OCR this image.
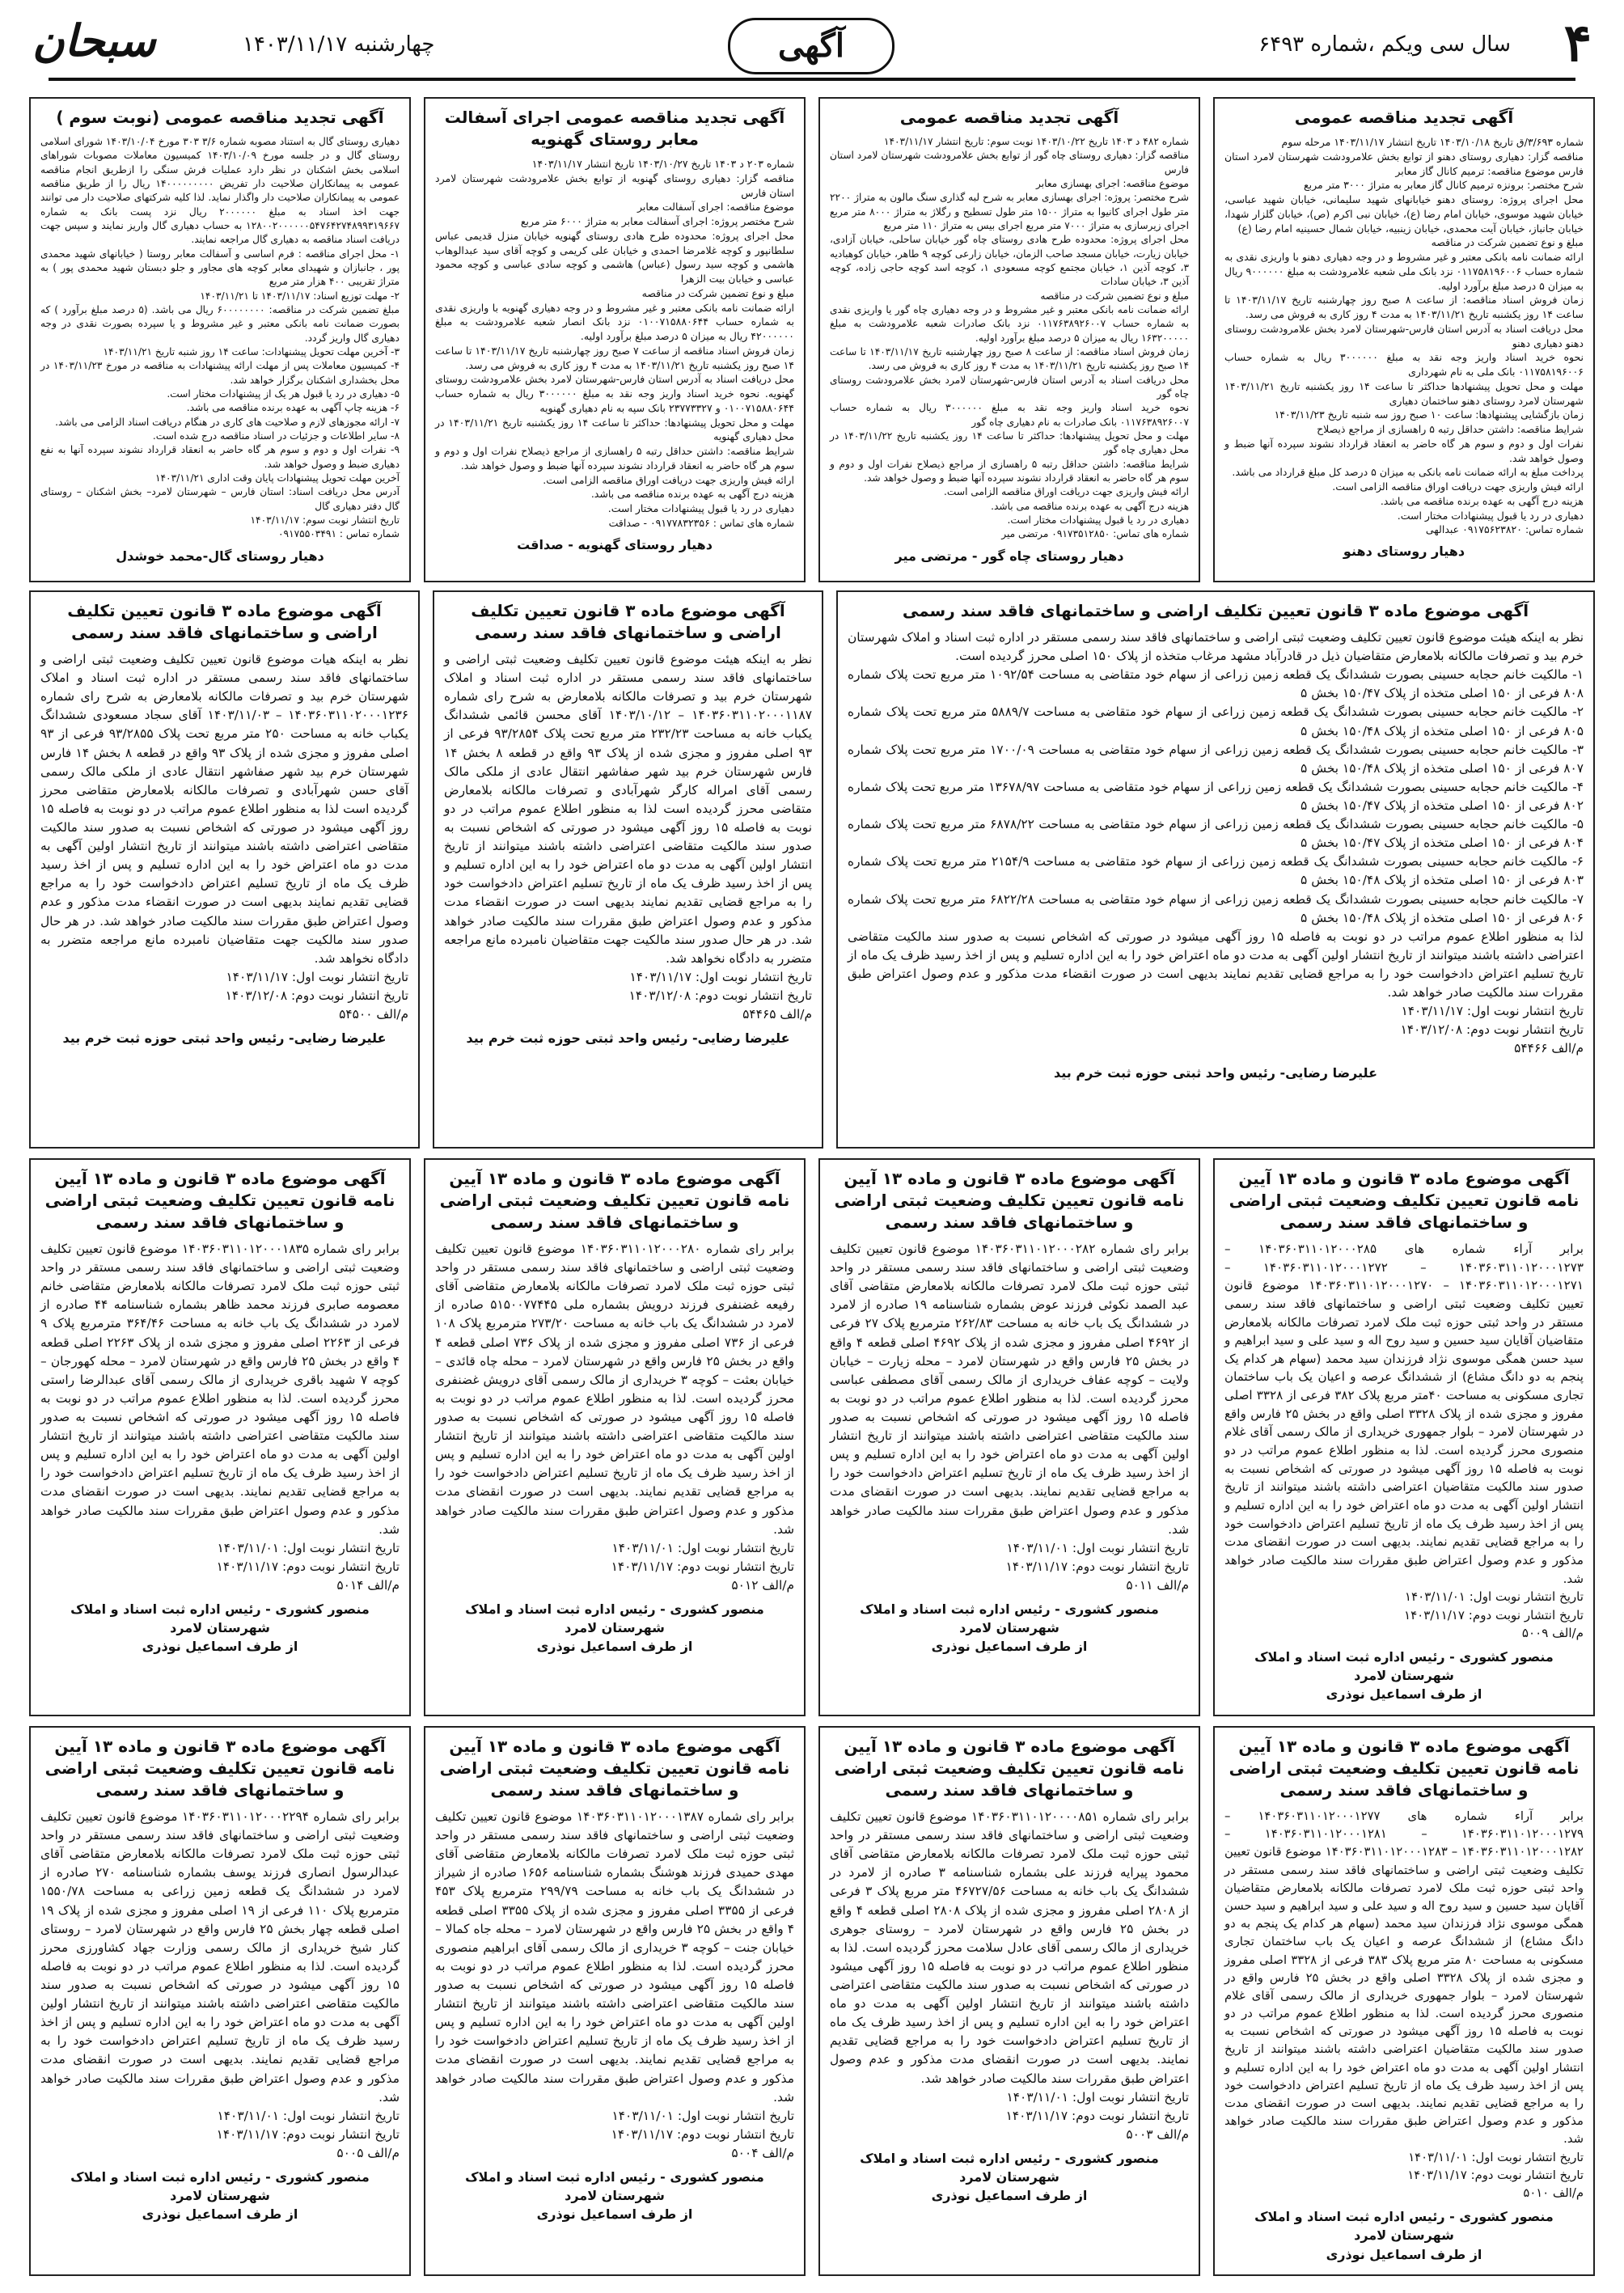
۴
سال سی ویکم ،شماره ۶۴۹۳
آگهی
چهارشنبه ۱۴۰۳/۱۱/۱۷
سبحان
آگهی تجدید مناقصه عمومی
شماره ۳/۶۹۳/ق تاریخ ۱۴۰۳/۱۰/۱۸ تاریخ انتشار ۱۴۰۳/۱۱/۱۷ مرحله سوم
مناقصه گزار: دهیاری روستای دهنو از توابع بخش علامرودشت شهرستان لامرد استان فارس موضوع مناقصه: ترمیم کانال گاز معابر
شرح مختصر: برونزه ترمیم کانال گاز معابر به متراژ ۳۰۰۰ متر مربع
محل اجرای پروژه: روستای دهنو خیابانهای شهید سلیمانی، خیابان شهید عباسی، خیابان شهید موسوی، خیابان امام رضا (ع)، خیابان نبی اکرم (ص)، خیابان گلزار شهدا، خیابان جانباز، خیابان آیت محمدی، خیابان زینبیه، خیابان شمال حسینیه امام رضا (ع)
مبلغ و نوع تضمین شرکت در مناقصه
ارائه ضمانت نامه بانکی معتبر و غیر مشروط و در وجه دهیاری دهنو با واریزی نقدی به شماره حساب ۰۱۱۷۵۸۱۹۶۰۰۶ نزد بانک ملی شعبه علامرودشت به مبلغ ۹۰۰۰۰۰۰ ریال به میزان ۵ درصد مبلغ برآورد اولیه.
زمان فروش اسناد مناقصه: از ساعت ۸ صبح روز چهارشنبه تاریخ ۱۴۰۳/۱۱/۱۷ تا ساعت ۱۴ روز یکشنبه تاریخ ۱۴۰۳/۱۱/۲۱ به مدت ۴ روز کاری به فروش می رسد.
محل دریافت اسناد به آدرس استان فارس-شهرستان لامرد بخش علامرودشت روستای دهنو دهیاری دهنو
نحوه خرید اسناد واریز وجه نقد به مبلغ ۳۰۰۰۰۰۰ ریال به شماره حساب ۰۱۱۷۵۸۱۹۶۰۰۶ بانک ملی به نام شهرداری
مهلت و محل تحویل پیشنهادها حداکثر تا ساعت ۱۴ روز یکشنبه تاریخ ۱۴۰۳/۱۱/۲۱ شهرستان لامرد روستای دهنو ساختمان دهیاری
زمان بازگشایی پیشنهادها: ساعت ۱۰ صبح روز سه شنبه تاریخ ۱۴۰۳/۱۱/۲۳
شرایط مناقصه: داشتن حداقل رتبه ۵ راهسازی از مراجع ذیصلاح
نفرات اول و دوم و سوم هر گاه حاضر به انعقاد قرارداد نشوند سپرده آنها ضبط و وصول خواهد شد.
پرداخت مبلغ به ارائه ضمانت نامه بانکی به میزان ۵ درصد کل مبلغ قرارداد می باشد.
ارائه فیش واریزی جهت دریافت اوراق مناقصه الزامی است.
هزینه درج آگهی به عهده برنده مناقصه می باشد.
دهیاری در رد یا قبول پیشنهادات مختار است.
شماره تماس: ۰۹۱۷۵۶۲۳۸۲۰ عبدالهی
دهیار روستای دهنو
آگهی تجدید مناقصه عمومی
شماره ۴۸۲ د ۱۴۰۳ تاریخ ۱۴۰۳/۱۰/۲۲ نوبت سوم: تاریخ انتشار ۱۴۰۳/۱۱/۱۷
مناقصه گزار: دهیاری روستای چاه گور از توابع بخش علامرودشت شهرستان لامرد استان فارس
موضوع مناقصه: اجرای بهسازی معابر
شرح مختصر: پروژه: اجرای بهسازی معابر به شرح لبه گذاری سنگ مالون به متراژ ۲۲۰۰ متر طول اجرای کانیوا به متراژ ۱۵۰۰ متر طول تسطیح و رگلاژ به متراژ ۸۰۰۰ متر مربع اجرای زیرسازی به متراژ ۷۰۰۰ متر مربع اجرای بیس به متراژ ۱۱۰ متر مربع
محل اجرای پروژه: محدوده طرح هادی روستای چاه گور خیابان ساحلی، خیابان آزادی، خیابان زیارت، خیابان مسجد صاحب الزمان، خیابان زارعی کوچه ۹ طاهر، خیابان کوهبادیه ۳، کوچه آذین ۱، خیابان مجتمع کوچه مسعودی ۱، کوچه اسد کوچه حاجی زاده، کوچه آذین ۳، خیابان سادات
مبلغ و نوع تضمین شرکت در مناقصه
ارائه ضمانت نامه بانکی معتبر و غیر مشروط و در وجه دهیاری چاه گور یا واریزی نقدی به شماره حساب ۰۱۱۷۶۳۸۹۲۶۰۰۷ نزد بانک صادرات شعبه علامرودشت به مبلغ ۱۶۳۲۰۰۰۰۰ ریال به میزان ۵ درصد مبلغ برآورد اولیه.
زمان فروش اسناد مناقصه: از ساعت ۸ صبح روز چهارشنبه تاریخ ۱۴۰۳/۱۱/۱۷ تا ساعت ۱۴ صبح روز یکشنبه تاریخ ۱۴۰۳/۱۱/۲۱ به مدت ۴ روز کاری به فروش می رسد.
محل دریافت اسناد به آدرس استان فارس-شهرستان لامرد بخش علامرودشت روستای چاه گور
نحوه خرید اسناد واریز وجه نقد به مبلغ ۳۰۰۰۰۰۰ ریال به شماره حساب ۰۱۱۷۶۳۸۹۲۶۰۰۷ بانک صادرات به نام دهیاری چاه گور
مهلت و محل تحویل پیشنهادها: حداکثر تا ساعت ۱۴ روز یکشنبه تاریخ ۱۴۰۳/۱۱/۲۲ در محل دهیاری چاه گور
شرایط مناقصه: داشتن حداقل رتبه ۵ راهسازی از مراجع ذیصلاح نفرات اول و دوم و سوم هر گاه حاضر به انعقاد قرارداد نشوند سپرده آنها ضبط و وصول خواهد شد.
ارائه فیش واریزی جهت دریافت اوراق مناقصه الزامی است.
هزینه درج آگهی به عهده برنده مناقصه می باشد.
دهیاری در رد یا قبول پیشنهادات مختار است.
شماره های تماس: ۰۹۱۷۳۵۱۲۸۵۰ مرتضی میر
دهیار روستای چاه گور - مرتضی میر
آگهی تجدید مناقصه عمومی اجرای آسفالت معابر روستای گهنویه
شماره ۲۰۳ د ۱۴۰۳ تاریخ ۱۴۰۳/۱۰/۲۷ تاریخ انتشار ۱۴۰۳/۱۱/۱۷
مناقصه گزار: دهیاری روستای گهنویه از توابع بخش علامرودشت شهرستان لامرد استان فارس
موضوع مناقصه: اجرای آسفالت معابر
شرح مختصر پروژه: اجرای آسفالت معابر به متراژ ۶۰۰۰ متر مربع
محل اجرای پروژه: محدوده طرح هادی روستای گهنویه خیابان منزل قدیمی عباس سلطانپور و کوچه غلامرضا احمدی و خیابان علی کریمی و کوچه آقای سید عبدالوهاب هاشمی و کوچه سید رسول (عباس) هاشمی و کوچه سادی عباسی و کوچه محمود عباسی و خیابان بیت الزهرا
مبلغ و نوع تضمین شرکت در مناقصه
ارائه ضمانت نامه بانکی معتبر و غیر مشروط و در وجه دهیاری گهنویه با واریزی نقدی به شماره حساب ۰۱۰۰۷۱۵۸۸۰۶۴۴ نزد بانک انصار شعبه علامرودشت به مبلغ ۴۲۰۰۰۰۰۰ ریال به میزان ۵ درصد مبلغ برآورد اولیه.
زمان فروش اسناد مناقصه از ساعت ۷ صبح روز چهارشنبه تاریخ ۱۴۰۳/۱۱/۱۷ تا ساعت ۱۴ صبح روز یکشنبه تاریخ ۱۴۰۳/۱۱/۲۱ به مدت ۴ روز کاری به فروش می رسد.
محل دریافت اسناد به آدرس استان فارس-شهرستان لامرد بخش علامرودشت روستای گهنویه. نحوه خرید اسناد واریز وجه نقد به مبلغ ۳۰۰۰۰۰۰ ریال به شماره حساب ۰۱۰۰۷۱۵۸۸۰۶۴۴ و ۲۳۷۷۳۳۲۷ بانک سپه به نام دهیاری گهنویه
مهلت و محل تحویل پیشنهادها: حداکثر تا ساعت ۱۴ روز یکشنبه تاریخ ۱۴۰۳/۱۱/۲۱ در محل دهیاری گهنویه
شرایط مناقصه: داشتن حداقل رتبه ۵ راهسازی از مراجع ذیصلاح نفرات اول و دوم و سوم هر گاه حاضر به انعقاد قرارداد نشوند سپرده آنها ضبط و وصول خواهد شد.
ارائه فیش واریزی جهت دریافت اوراق مناقصه الزامی است.
هزینه درج آگهی به عهده برنده مناقصه می باشد.
دهیاری در رد یا قبول پیشنهادات مختار است.
شماره های تماس : ۰۹۱۷۷۸۳۲۳۵۶ - صداقت
دهیار روستای گهنویه - صداقت
آگهی تجدید مناقصه عمومی (نوبت سوم )
دهیاری روستای گال به استناد مصوبه شماره ۳/۶ ۳۰۳ مورخ ۱۴۰۳/۱۰/۰۴ شورای اسلامی روستای گال و در جلسه مورخ ۱۴۰۳/۱۰/۰۹ کمیسیون معاملات مصوبات شوراهای اسلامی بخش اشکنان در نظر دارد عملیات فرش سنگی را ازطریق انجام مناقصه عمومی به پیمانکاران صلاحیت دار تفریض ۱۴۰۰۰۰۰۰۰۰۰ ریال را از طریق مناقصه عمومی به پیمانکاران صلاحیت دار واگذار نماید. لذا کلیه شرکتهای صلاحیت دار می توانند جهت اخذ اسناد به مبلغ ۲۰۰۰۰۰۰ ریال نزد پست بانک به شماره ۱۲۸۰۰۲۰۰۰۰۰۰۵۴۷۶۴۲۷۴۸۹۹۳۱۹۶۶۷ به حساب دهیاری گال واریز نمایند و سپس جهت دریافت اسناد مناقصه به دهیاری گال مراجعه نمایند.
۱- محل اجرای مناقصه : فرم اساسی و آسفالت معابر روستا ( خیابانهای شهید محمدی پور ، جانبازان و شهیدای معابر کوچه های مجاور و جلو دبستان شهید محمدی پور ) به متراژ تقریبی ۴۰۰ هزار متر مربع
۲- مهلت توزیع اسناد: ۱۴۰۳/۱۱/۱۷ تا ۱۴۰۳/۱۱/۲۱
مبلغ تضمین شرکت در مناقصه: ۶۰۰۰۰۰۰۰۰ ریال می باشد. (۵ درصد مبلغ برآورد ) که بصورت ضمانت نامه بانکی معتبر و غیر مشروط و یا سپرده بصورت نقدی در وجه دهیاری گال واریز گردد.
۳- آخرین مهلت تحویل پیشنهادات: ساعت ۱۴ روز شنبه تاریخ ۱۴۰۳/۱۱/۲۱
۴- کمیسیون معاملات پس از مهلت ارائه پیشنهادات به مناقصه در مورخ ۱۴۰۳/۱۱/۲۳ در محل بخشداری اشکنان برگزار خواهد شد.
۵- دهیاری در رد یا قبول هر یک از پیشنهادات مختار است.
۶- هزینه چاپ آگهی به عهده برنده مناقصه می باشد.
۷- ارائه مجوزهای لازم و صلاحیت های کاری در هنگام دریافت اسناد الزامی می باشد.
۸- سایر اطلاعات و جزئیات در اسناد مناقصه درج شده است.
۹- نفرات اول و دوم و سوم هر گاه حاضر به انعقاد قرارداد نشوند سپرده آنها به نفع دهیاری ضبط و وصول خواهد شد.
آخرین مهلت تحویل پیشنهادات پایان وقت اداری ۱۴۰۳/۱۱/۲۱
آدرس محل دریافت اسناد: استان فارس – شهرستان لامرد– بخش اشکنان – روستای گال دفتر دهیاری گال
تاریخ انتشار نوبت سوم: ۱۴۰۳/۱۱/۱۷
شماره تماس : ۰۹۱۷۵۵۰۳۴۹۱
دهیار روستای گال-محمد خوشدل
آگهی موضوع ماده ۳ قانون تعیین تکلیف اراضی و ساختمانهای فاقد سند رسمی
نظر به اینکه هیئت موضوع قانون تعیین تکلیف وضعیت ثبتی اراضی و ساختمانهای فاقد سند رسمی مستقر در اداره ثبت اسناد و املاک شهرستان خرم بید و تصرفات مالکانه بلامعارض متقاضیان ذیل در قادرآباد مشهد مرغاب متخذه از پلاک ۱۵۰ اصلی محرز گردیده است.
۱- مالکیت خانم حجابه حسینی بصورت ششدانگ یک قطعه زمین زراعی از سهام خود متقاضی به مساحت ۱۰۹۲/۵۴ متر مربع تحت پلاک شماره ۸۰۸ فرعی از ۱۵۰ اصلی متخذه از پلاک ۱۵۰/۴۷ بخش ۵
۲- مالکیت خانم حجابه حسینی بصورت ششدانگ یک قطعه زمین زراعی از سهام خود متقاضی به مساحت ۵۸۸۹/۷ متر مربع تحت پلاک شماره ۸۰۵ فرعی از ۱۵۰ اصلی متخذه از پلاک ۱۵۰/۴۸ بخش ۵
۳- مالکیت خانم حجابه حسینی بصورت ششدانگ یک قطعه زمین زراعی از سهام خود متقاضی به مساحت ۱۷۰۰/۰۹ متر مربع تحت پلاک شماره ۸۰۷ فرعی از ۱۵۰ اصلی متخذه از پلاک ۱۵۰/۴۸ بخش ۵
۴- مالکیت خانم حجابه حسینی بصورت ششدانگ یک قطعه زمین زراعی از سهام خود متقاضی به مساحت ۱۳۶۷۸/۹۷ متر مربع تحت پلاک شماره ۸۰۲ فرعی از ۱۵۰ اصلی متخذه از پلاک ۱۵۰/۴۷ بخش ۵
۵- مالکیت خانم حجابه حسینی بصورت ششدانگ یک قطعه زمین زراعی از سهام خود متقاضی به مساحت ۶۸۷۸/۲۲ متر مربع تحت پلاک شماره ۸۰۴ فرعی از ۱۵۰ اصلی متخذه از پلاک ۱۵۰/۴۷ بخش ۵
۶- مالکیت خانم حجابه حسینی بصورت ششدانگ یک قطعه زمین زراعی از سهام خود متقاضی به مساحت ۲۱۵۴/۹ متر مربع تحت پلاک شماره ۸۰۳ فرعی از ۱۵۰ اصلی متخذه از پلاک ۱۵۰/۴۸ بخش ۵
۷- مالکیت خانم حجابه حسینی بصورت ششدانگ یک قطعه زمین زراعی از سهام خود متقاضی به مساحت ۶۸۲۲/۲۸ متر مربع تحت پلاک شماره ۸۰۶ فرعی از ۱۵۰ اصلی متخذه از پلاک ۱۵۰/۴۸ بخش ۵
لذا به منظور اطلاع عموم مراتب در دو نوبت به فاصله ۱۵ روز آگهی میشود در صورتی که اشخاص نسبت به صدور سند مالکیت متقاضی اعتراضی داشته باشند میتوانند از تاریخ انتشار اولین آگهی به مدت دو ماه اعتراض خود را به این اداره تسلیم و پس از اخذ رسید ظرف یک ماه از تاریخ تسلیم اعتراض دادخواست خود را به مراجع قضایی تقدیم نمایند بدیهی است در صورت انقضاء مدت مذکور و عدم وصول اعتراض طبق مقررات سند مالکیت صادر خواهد شد.
تاریخ انتشار نوبت اول: ۱۴۰۳/۱۱/۱۷
تاریخ انتشار نوبت دوم: ۱۴۰۳/۱۲/۰۸
م/الف ۵۴۴۶۶
علیرضا رضایی- رئیس واحد ثبتی حوزه ثبت خرم بید
آگهی موضوع ماده ۳ قانون تعیین تکلیف اراضی و ساختمانهای فاقد سند رسمی
نظر به اینکه هیئت موضوع قانون تعیین تکلیف وضعیت ثبتی اراضی و ساختمانهای فاقد سند رسمی مستقر در اداره ثبت اسناد و املاک شهرستان خرم بید و تصرفات مالکانه بلامعارض به شرح رای شماره ۱۴۰۳۶۰۳۱۱۰۲۰۰۰۱۱۸۷ – ۱۴۰۳/۱۰/۱۲ آقای محسن قائمی ششدانگ یکباب خانه به مساحت ۲۳۲/۲۳ متر مربع تحت پلاک ۹۳/۲۸۵۴ فرعی از ۹۳ اصلی مفروز و مجزی شده از پلاک ۹۳ واقع در قطعه ۸ بخش ۱۴ فارس شهرستان خرم بید شهر صفاشهر انتقال عادی از ملکی مالک رسمی آقای امراله کارگر شهرآبادی و تصرفات مالکانه بلامعارض متقاضی محرز گردیده است لذا به منظور اطلاع عموم مراتب در دو نوبت به فاصله ۱۵ روز آگهی میشود در صورتی که اشخاص نسبت به صدور سند مالکیت متقاضی اعتراضی داشته باشند میتوانند از تاریخ انتشار اولین آگهی به مدت دو ماه اعتراض خود را به این اداره تسلیم و پس از اخذ رسید ظرف یک ماه از تاریخ تسلیم اعتراض دادخواست خود را به مراجع قضایی تقدیم نمایند بدیهی است در صورت انقضاء مدت مذکور و عدم وصول اعتراض طبق مقررات سند مالکیت صادر خواهد شد. در هر حال صدور سند مالکیت جهت متقاضیان نامبرده مانع مراجعه متضرر به دادگاه نخواهد شد.
تاریخ انتشار نوبت اول: ۱۴۰۳/۱۱/۱۷
تاریخ انتشار نوبت دوم: ۱۴۰۳/۱۲/۰۸
م/الف ۵۴۴۶۵
علیرضا رضایی- رئیس واحد ثبتی حوزه ثبت خرم بید
آگهی موضوع ماده ۳ قانون تعیین تکلیف اراضی و ساختمانهای فاقد سند رسمی
نظر به اینکه هیات موضوع قانون تعیین تکلیف وضعیت ثبتی اراضی و ساختمانهای فاقد سند رسمی مستقر در اداره ثبت اسناد و املاک شهرستان خرم بید و تصرفات مالکانه بلامعارض به شرح رای شماره ۱۴۰۳۶۰۳۱۱۰۲۰۰۰۱۲۳۶ – ۱۴۰۳/۱۱/۰۳ آقای سجاد مسعودی ششدانگ یکباب خانه به مساحت ۲۵۰ متر مربع تحت پلاک ۹۳/۲۸۵۵ فرعی از ۹۳ اصلی مفروز و مجزی شده از پلاک ۹۳ واقع در قطعه ۸ بخش ۱۴ فارس شهرستان خرم بید شهر صفاشهر انتقال عادی از ملکی مالک رسمی آقای حسن شهرآبادی و تصرفات مالکانه بلامعارض متقاضی محرز گردیده است لذا به منظور اطلاع عموم مراتب در دو نوبت به فاصله ۱۵ روز آگهی میشود در صورتی که اشخاص نسبت به صدور سند مالکیت متقاضی اعتراضی داشته باشند میتوانند از تاریخ انتشار اولین آگهی به مدت دو ماه اعتراض خود را به این اداره تسلیم و پس از اخذ رسید ظرف یک ماه از تاریخ تسلیم اعتراض دادخواست خود را به مراجع قضایی تقدیم نمایند بدیهی است در صورت انقضاء مدت مذکور و عدم وصول اعتراض طبق مقررات سند مالکیت صادر خواهد شد. در هر حال صدور سند مالکیت جهت متقاضیان نامبرده مانع مراجعه متضرر به دادگاه نخواهد شد.
تاریخ انتشار نوبت اول: ۱۴۰۳/۱۱/۱۷
تاریخ انتشار نوبت دوم: ۱۴۰۳/۱۲/۰۸
م/الف ۵۴۵۰۰
علیرضا رضایی- رئیس واحد ثبتی حوزه ثبت خرم بید
آگهی موضوع ماده ۳ قانون و ماده ۱۳ آیین نامه قانون تعیین تکلیف وضعیت ثبتی اراضی و ساختمانهای فاقد سند رسمی
برابر آراء شماره های ۱۴۰۳۶۰۳۱۱۰۱۲۰۰۰۲۸۵ – ۱۴۰۳۶۰۳۱۱۰۱۲۰۰۰۱۲۷۳ – ۱۴۰۳۶۰۳۱۱۰۱۲۰۰۰۱۲۷۲ – ۱۴۰۳۶۰۳۱۱۰۱۲۰۰۰۱۲۷۱ – ۱۴۰۳۶۰۳۱۱۰۱۲۰۰۰۱۲۷۰ موضوع قانون تعیین تکلیف وضعیت ثبتی اراضی و ساختمانهای فاقد سند رسمی مستقر در واحد ثبتی حوزه ثبت ملک لامرد تصرفات مالکانه بلامعارض متقاضیان آقایان سید حسین و سید روح اله و سید علی و سید ابراهیم و سید حسن همگی موسوی نژاد فرزندان سید محمد (سهام هر کدام یک پنجم به دو دانگ مشاع) از ششدانگ عرصه و اعیان یک باب ساختمان تجاری مسکونی به مساحت ۴۰متر مربع پلاک ۳۸۲ فرعی از ۳۳۲۸ اصلی مفروز و مجزی شده از پلاک ۳۳۲۸ اصلی واقع در بخش ۲۵ فارس واقع در شهرستان لامرد – بلوار جمهوری خریداری از مالک رسمی آقای غلام منصوری محرز گردیده است. لذا به منظور اطلاع عموم مراتب در دو نوبت به فاصله ۱۵ روز آگهی میشود در صورتی که اشخاص نسبت به صدور سند مالکیت متقاضیان اعتراضی داشته باشند میتوانند از تاریخ انتشار اولین آگهی به مدت دو ماه اعتراض خود را به این اداره تسلیم و پس از اخذ رسید ظرف یک ماه از تاریخ تسلیم اعتراض دادخواست خود را به مراجع قضایی تقدیم نمایند. بدیهی است در صورت انقضای مدت مذکور و عدم وصول اعتراض طبق مقررات سند مالکیت صادر خواهد شد.
تاریخ انتشار نوبت اول: ۱۴۰۳/۱۱/۰۱
تاریخ انتشار نوبت دوم: ۱۴۰۳/۱۱/۱۷
م/الف ۵۰۰۹
منصور کشوری - رئیس اداره ثبت اسناد و املاک شهرستان لامرد
از طرف اسماعیل نوذری
آگهی موضوع ماده ۳ قانون و ماده ۱۳ آیین نامه قانون تعیین تکلیف وضعیت ثبتی اراضی و ساختمانهای فاقد سند رسمی
برابر رای شماره ۱۴۰۳۶۰۳۱۱۰۱۲۰۰۰۲۸۲ موضوع قانون تعیین تکلیف وضعیت ثبتی اراضی و ساختمانهای فاقد سند رسمی مستقر در واحد ثبتی حوزه ثبت ملک لامرد تصرفات مالکانه بلامعارض متقاضی آقای عبد الصمد نکوئی فرزند عوض بشماره شناسنامه ۱۹ صادره از لامرد در ششدانگ یک باب خانه به مساحت ۲۶۲/۸۳ مترمربع پلاک ۲۷ فرعی از ۴۶۹۲ اصلی مفروز و مجزی شده از پلاک ۴۶۹۲ اصلی قطعه ۴ واقع در بخش ۲۵ فارس واقع در شهرستان لامرد – محله زیارت – خیابان ولایت – کوچه عفاف خریداری از مالک رسمی آقای مصطفی عباسی محرز گردیده است. لذا به منظور اطلاع عموم مراتب در دو نوبت به فاصله ۱۵ روز آگهی میشود در صورتی که اشخاص نسبت به صدور سند مالکیت متقاضی اعتراضی داشته باشند میتوانند از تاریخ انتشار اولین آگهی به مدت دو ماه اعتراض خود را به این اداره تسلیم و پس از اخذ رسید ظرف یک ماه از تاریخ تسلیم اعتراض دادخواست خود را به مراجع قضایی تقدیم نمایند. بدیهی است در صورت انقضای مدت مذکور و عدم وصول اعتراض طبق مقررات سند مالکیت صادر خواهد شد.
تاریخ انتشار نوبت اول: ۱۴۰۳/۱۱/۰۱
تاریخ انتشار نوبت دوم: ۱۴۰۳/۱۱/۱۷
م/الف ۵۰۱۱
منصور کشوری - رئیس اداره ثبت اسناد و املاک شهرستان لامرد
از طرف اسماعیل نوذری
آگهی موضوع ماده ۳ قانون و ماده ۱۳ آیین نامه قانون تعیین تکلیف وضعیت ثبتی اراضی و ساختمانهای فاقد سند رسمی
برابر رای شماره ۱۴۰۳۶۰۳۱۱۰۱۲۰۰۰۲۸۰ موضوع قانون تعیین تکلیف وضعیت ثبتی اراضی و ساختمانهای فاقد سند رسمی مستقر در واحد ثبتی حوزه ثبت ملک لامرد تصرفات مالکانه بلامعارض متقاضی آقای رفیعه غضنفری فرزند درویش بشماره ملی ۵۱۵۰۰۷۷۴۴۵ صادره از لامرد در ششدانگ یک باب خانه به مساحت ۲۷۳/۲۰ مترمربع پلاک ۱۰۸ فرعی از ۷۳۶ اصلی مفروز و مجزی شده از پلاک ۷۳۶ اصلی قطعه ۴ واقع در بخش ۲۵ فارس واقع در شهرستان لامرد – محله چاه قائدی – خیابان بعثت – کوچه ۳ خریداری از مالک رسمی آقای درویش غضنفری محرز گردیده است. لذا به منظور اطلاع عموم مراتب در دو نوبت به فاصله ۱۵ روز آگهی میشود در صورتی که اشخاص نسبت به صدور سند مالکیت متقاضی اعتراضی داشته باشند میتوانند از تاریخ انتشار اولین آگهی به مدت دو ماه اعتراض خود را به این اداره تسلیم و پس از اخذ رسید ظرف یک ماه از تاریخ تسلیم اعتراض دادخواست خود را به مراجع قضایی تقدیم نمایند. بدیهی است در صورت انقضای مدت مذکور و عدم وصول اعتراض طبق مقررات سند مالکیت صادر خواهد شد.
تاریخ انتشار نوبت اول: ۱۴۰۳/۱۱/۰۱
تاریخ انتشار نوبت دوم: ۱۴۰۳/۱۱/۱۷
م/الف ۵۰۱۲
منصور کشوری - رئیس اداره ثبت اسناد و املاک شهرستان لامرد
از طرف اسماعیل نوذری
آگهی موضوع ماده ۳ قانون و ماده ۱۳ آیین نامه قانون تعیین تکلیف وضعیت ثبتی اراضی و ساختمانهای فاقد سند رسمی
برابر رای شماره ۱۴۰۳۶۰۳۱۱۰۱۲۰۰۰۱۸۳۵ موضوع قانون تعیین تکلیف وضعیت ثبتی اراضی و ساختمانهای فاقد سند رسمی مستقر در واحد ثبتی حوزه ثبت ملک لامرد تصرفات مالکانه بلامعارض متقاضی خانم معصومه صابری فرزند محمد ظاهر بشماره شناسنامه ۴۴ صادره از لامرد در ششدانگ یک باب خانه به مساحت ۳۶۴/۴۶ مترمربع پلاک ۹ فرعی از ۲۲۶۳ اصلی مفروز و مجزی شده از پلاک ۲۲۶۳ اصلی قطعه ۴ واقع در بخش ۲۵ فارس واقع در شهرستان لامرد – محله کهورجان – کوچه ۷ شهید باقری خریداری از مالک رسمی آقای عبدالرضا راستی محرز گردیده است. لذا به منظور اطلاع عموم مراتب در دو نوبت به فاصله ۱۵ روز آگهی میشود در صورتی که اشخاص نسبت به صدور سند مالکیت متقاضی اعتراضی داشته باشند میتوانند از تاریخ انتشار اولین آگهی به مدت دو ماه اعتراض خود را به این اداره تسلیم و پس از اخذ رسید ظرف یک ماه از تاریخ تسلیم اعتراض دادخواست خود را به مراجع قضایی تقدیم نمایند. بدیهی است در صورت انقضای مدت مذکور و عدم وصول اعتراض طبق مقررات سند مالکیت صادر خواهد شد.
تاریخ انتشار نوبت اول: ۱۴۰۳/۱۱/۰۱
تاریخ انتشار نوبت دوم: ۱۴۰۳/۱۱/۱۷
م/الف ۵۰۱۴
منصور کشوری - رئیس اداره ثبت اسناد و املاک شهرستان لامرد
از طرف اسماعیل نوذری
آگهی موضوع ماده ۳ قانون و ماده ۱۳ آیین نامه قانون تعیین تکلیف وضعیت ثبتی اراضی و ساختمانهای فاقد سند رسمی
برابر آراء شماره های ۱۴۰۳۶۰۳۱۱۰۱۲۰۰۰۱۲۷۷ – ۱۴۰۳۶۰۳۱۱۰۱۲۰۰۰۱۲۷۹ – ۱۴۰۳۶۰۳۱۱۰۱۲۰۰۰۱۲۸۱ – ۱۴۰۳۶۰۳۱۱۰۱۲۰۰۰۱۲۸۲ – ۱۴۰۳۶۰۳۱۱۰۱۲۰۰۰۱۲۸۳ موضوع قانون تعیین تکلیف وضعیت ثبتی اراضی و ساختمانهای فاقد سند رسمی مستقر در واحد ثبتی حوزه ثبت ملک لامرد تصرفات مالکانه بلامعارض متقاضیان آقایان سید حسین و سید روح اله و سید علی و سید ابراهیم و سید حسن همگی موسوی نژاد فرزندان سید محمد (سهام هر کدام یک پنجم به دو دانگ مشاع) از ششدانگ عرصه و اعیان یک باب ساختمان تجاری مسکونی به مساحت ۸۰ متر مربع پلاک ۳۸۳ فرعی از ۳۳۲۸ اصلی مفروز و مجزی شده از پلاک ۳۳۲۸ اصلی واقع در بخش ۲۵ فارس واقع در شهرستان لامرد – بلوار جمهوری خریداری از مالک رسمی آقای غلام منصوری محرز گردیده است. لذا به منظور اطلاع عموم مراتب در دو نوبت به فاصله ۱۵ روز آگهی میشود در صورتی که اشخاص نسبت به صدور سند مالکیت متقاضیان اعتراضی داشته باشند میتوانند از تاریخ انتشار اولین آگهی به مدت دو ماه اعتراض خود را به این اداره تسلیم و پس از اخذ رسید ظرف یک ماه از تاریخ تسلیم اعتراض دادخواست خود را به مراجع قضایی تقدیم نمایند. بدیهی است در صورت انقضای مدت مذکور و عدم وصول اعتراض طبق مقررات سند مالکیت صادر خواهد شد.
تاریخ انتشار نوبت اول: ۱۴۰۳/۱۱/۰۱
تاریخ انتشار نوبت دوم: ۱۴۰۳/۱۱/۱۷
م/الف ۵۰۱۰
منصور کشوری - رئیس اداره ثبت اسناد و املاک شهرستان لامرد
از طرف اسماعیل نوذری
آگهی موضوع ماده ۳ قانون و ماده ۱۳ آیین نامه قانون تعیین تکلیف وضعیت ثبتی اراضی و ساختمانهای فاقد سند رسمی
برابر رای شماره ۱۴۰۳۶۰۳۱۱۰۱۲۰۰۰۰۸۵۱ موضوع قانون تعیین تکلیف وضعیت ثبتی اراضی و ساختمانهای فاقد سند رسمی مستقر در واحد ثبتی حوزه ثبت ملک لامرد تصرفات مالکانه بلامعارض متقاضی آقای محمود پیرایه فرزند علی بشماره شناسنامه ۳ صادره از لامرد در ششدانگ یک باب خانه به مساحت ۴۶۷۲۷/۵۶ متر مربع پلاک ۳ فرعی از ۲۸۰۸ اصلی مفروز و مجزی شده از پلاک ۲۸۰۸ اصلی قطعه ۴ واقع در بخش ۲۵ فارس واقع در شهرستان لامرد – روستای جوهری خریداری از مالک رسمی آقای عادل سلامت محرز گردیده است. لذا به منظور اطلاع عموم مراتب در دو نوبت به فاصله ۱۵ روز آگهی میشود در صورتی که اشخاص نسبت به صدور سند مالکیت متقاضی اعتراضی داشته باشند میتوانند از تاریخ انتشار اولین آگهی به مدت دو ماه اعتراض خود را به این اداره تسلیم و پس از اخذ رسید ظرف یک ماه از تاریخ تسلیم اعتراض دادخواست خود را به مراجع قضایی تقدیم نمایند. بدیهی است در صورت انقضای مدت مذکور و عدم وصول اعتراض طبق مقررات سند مالکیت صادر خواهد شد.
تاریخ انتشار نوبت اول: ۱۴۰۳/۱۱/۰۱
تاریخ انتشار نوبت دوم: ۱۴۰۳/۱۱/۱۷
م/الف ۵۰۰۳
منصور کشوری - رئیس اداره ثبت اسناد و املاک شهرستان لامرد
از طرف اسماعیل نوذری
آگهی موضوع ماده ۳ قانون و ماده ۱۳ آیین نامه قانون تعیین تکلیف وضعیت ثبتی اراضی و ساختمانهای فاقد سند رسمی
برابر رای شماره ۱۴۰۳۶۰۳۱۱۰۱۲۰۰۰۱۳۸۷ موضوع قانون تعیین تکلیف وضعیت ثبتی اراضی و ساختمانهای فاقد سند رسمی مستقر در واحد ثبتی حوزه ثبت ملک لامرد تصرفات مالکانه بلامعارض متقاضی آقای مهدی حمیدی فرزند هوشنگ بشماره شناسنامه ۱۶۵۶ صادره از شیراز در ششدانگ یک باب خانه به مساحت ۲۹۹/۷۹ مترمربع پلاک ۴۵۳ فرعی از ۳۳۵۵ اصلی مفروز و مجزی شده از پلاک ۳۳۵۵ اصلی قطعه ۴ واقع در بخش ۲۵ فارس واقع در شهرستان لامرد – محله جاه کمالا – خیابان جنت – کوچه ۳ خریداری از مالک رسمی آقای ابراهیم منصوری محرز گردیده است. لذا به منظور اطلاع عموم مراتب در دو نوبت به فاصله ۱۵ روز آگهی میشود در صورتی که اشخاص نسبت به صدور سند مالکیت متقاضی اعتراضی داشته باشند میتوانند از تاریخ انتشار اولین آگهی به مدت دو ماه اعتراض خود را به این اداره تسلیم و پس از اخذ رسید ظرف یک ماه از تاریخ تسلیم اعتراض دادخواست خود را به مراجع قضایی تقدیم نمایند. بدیهی است در صورت انقضای مدت مذکور و عدم وصول اعتراض طبق مقررات سند مالکیت صادر خواهد شد.
تاریخ انتشار نوبت اول: ۱۴۰۳/۱۱/۰۱
تاریخ انتشار نوبت دوم: ۱۴۰۳/۱۱/۱۷
م/الف ۵۰۰۴
منصور کشوری - رئیس اداره ثبت اسناد و املاک شهرستان لامرد
از طرف اسماعیل نوذری
آگهی موضوع ماده ۳ قانون و ماده ۱۳ آیین نامه قانون تعیین تکلیف وضعیت ثبتی اراضی و ساختمانهای فاقد سند رسمی
برابر رای شماره ۱۴۰۳۶۰۳۱۱۰۱۲۰۰۰۲۲۹۴ موضوع قانون تعیین تکلیف وضعیت ثبتی اراضی و ساختمانهای فاقد سند رسمی مستقر در واحد ثبتی حوزه ثبت ملک لامرد تصرفات مالکانه بلامعارض متقاضی آقای عبدالرسول انصاری فرزند یوسف بشماره شناسنامه ۲۷۰ صادره از لامرد در ششدانگ یک قطعه زمین زراعی به مساحت ۱۵۵۰/۷۸ مترمربع پلاک ۱۱۰ فرعی از ۱۹ اصلی مفروز و مجزی شده از پلاک ۱۹ اصلی قطعه چهار بخش ۲۵ فارس واقع در شهرستان لامرد – روستای کنار شیخ خریداری از مالک رسمی وزارت جهاد کشاورزی محرز گردیده است. لذا به منظور اطلاع عموم مراتب در دو نوبت به فاصله ۱۵ روز آگهی میشود در صورتی که اشخاص نسبت به صدور سند مالکیت متقاضی اعتراضی داشته باشند میتوانند از تاریخ انتشار اولین آگهی به مدت دو ماه اعتراض خود را به این اداره تسلیم و پس از اخذ رسید ظرف یک ماه از تاریخ تسلیم اعتراض دادخواست خود را به مراجع قضایی تقدیم نمایند. بدیهی است در صورت انقضای مدت مذکور و عدم وصول اعتراض طبق مقررات سند مالکیت صادر خواهد شد.
تاریخ انتشار نوبت اول: ۱۴۰۳/۱۱/۰۱
تاریخ انتشار نوبت دوم: ۱۴۰۳/۱۱/۱۷
م/الف ۵۰۰۵
منصور کشوری - رئیس اداره ثبت اسناد و املاک شهرستان لامرد
از طرف اسماعیل نوذری
